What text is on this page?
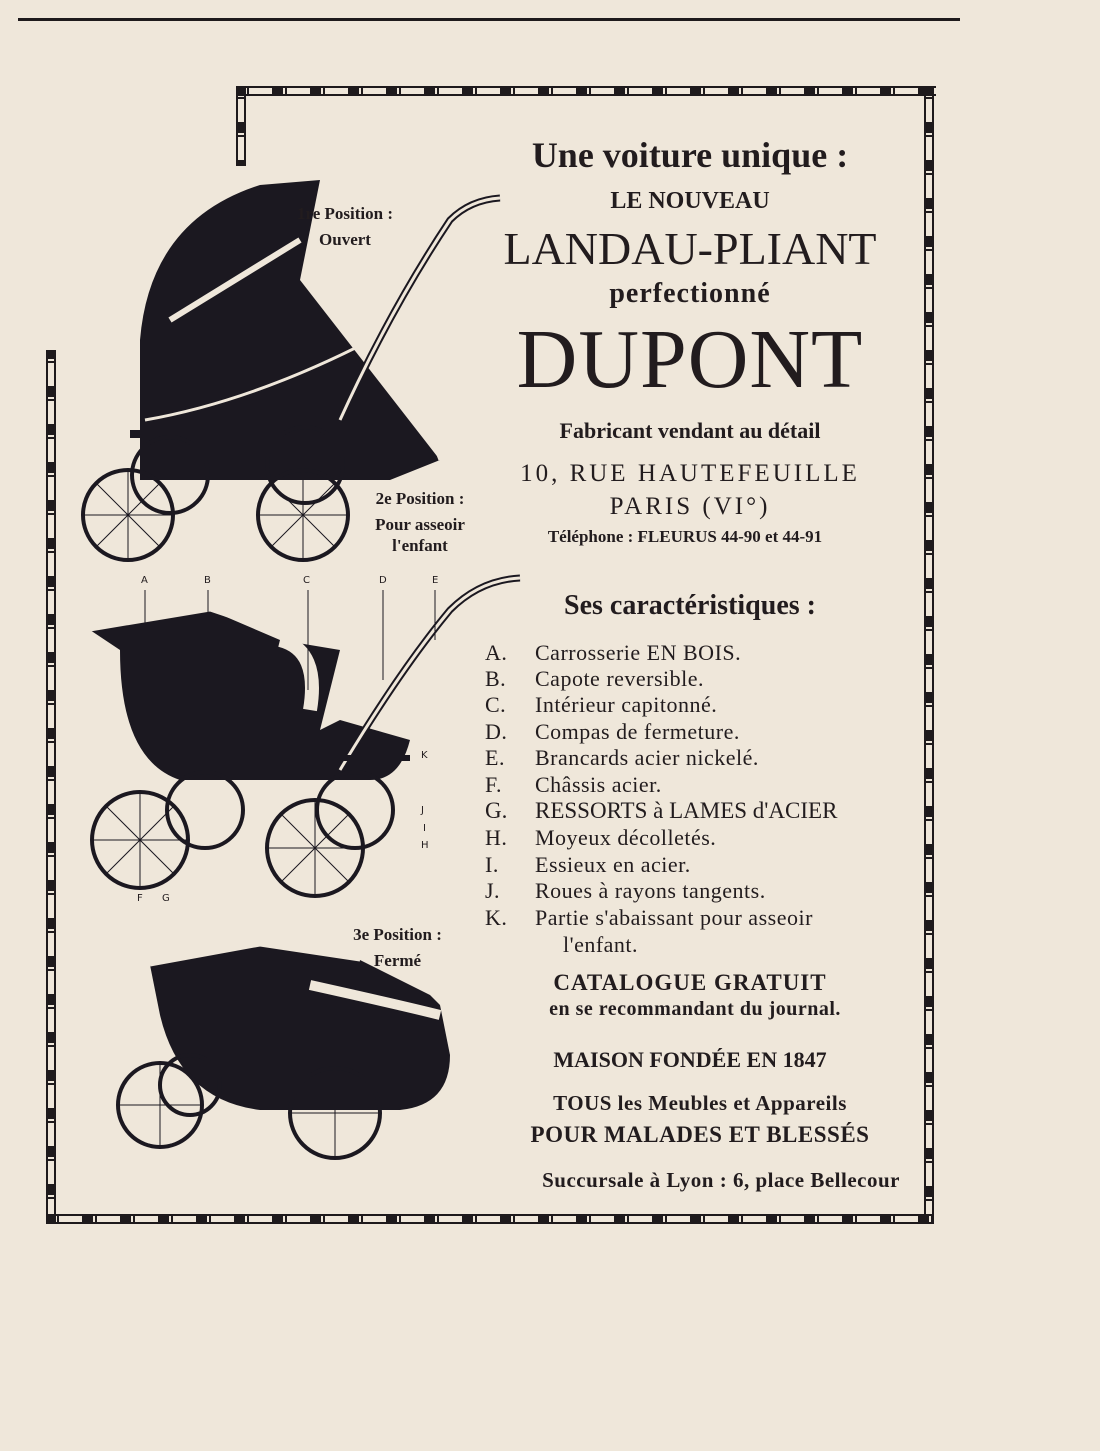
A	B	C	D	E
F G
J
I
H
K
1re Position :
Ouvert
2e Position :
Pour asseoir
l'enfant
3e Position :
Fermé
Une voiture unique :
LE NOUVEAU
LANDAU-PLIANT
perfectionné
DUPONT
Fabricant vendant au détail
10, RUE HAUTEFEUILLE
PARIS (VI°)
Téléphone : FLEURUS 44-90 et 44-91
Ses caractéristiques :
A. Carrosserie EN BOIS.
B. Capote reversible.
C. Intérieur capitonné.
D. Compas de fermeture.
E. Brancards acier nickelé.
F. Châssis acier.
G. RESSORTS à LAMES d'ACIER
H. Moyeux décolletés.
I. Essieux en acier.
J. Roues à rayons tangents.
K. Partie s'abaissant pour asseoir
l'enfant.
CATALOGUE GRATUIT
en se recommandant du journal.
MAISON FONDÉE EN 1847
TOUS les Meubles et Appareils
POUR MALADES ET BLESSÉS
Succursale à Lyon : 6, place Bellecour
